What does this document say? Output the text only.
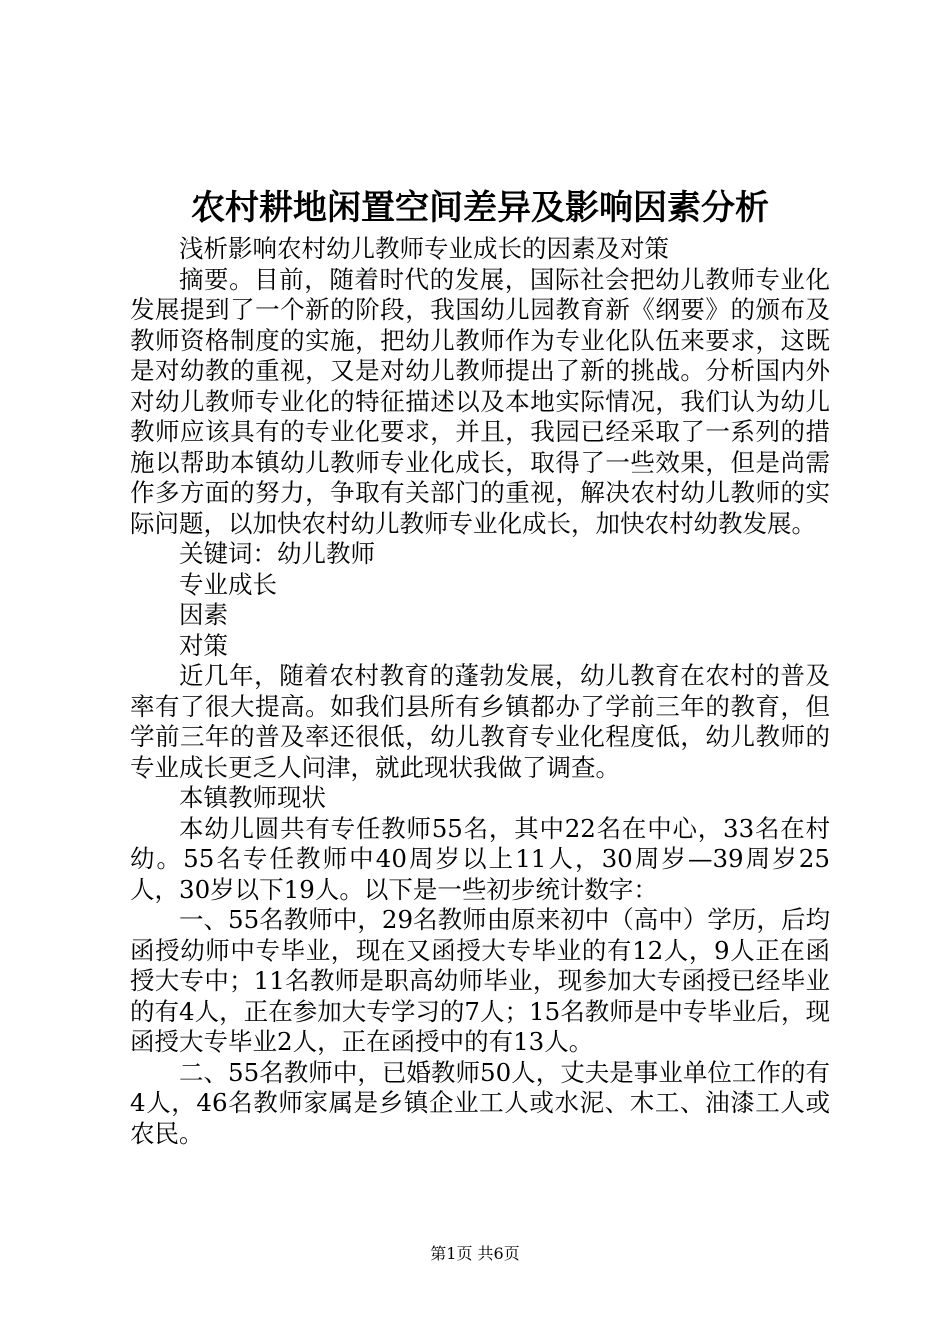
农村耕地闲置空间差异及影响因素分析

浅析影响农村幼儿教师专业成长的因素及对策

摘要。目前，随着时代的发展，国际社会把幼儿教师专业化发展提到了一个新的阶段，我国幼儿园教育新《纲要》的颁布及教师资格制度的实施，把幼儿教师作为专业化队伍来要求，这既是对幼教的重视，又是对幼儿教师提出了新的挑战。分析国内外对幼儿教师专业化的特征描述以及本地实际情况，我们认为幼儿教师应该具有的专业化要求，并且，我园已经采取了一系列的措施以帮助本镇幼儿教师专业化成长，取得了一些效果，但是尚需作多方面的努力，争取有关部门的重视，解决农村幼儿教师的实际问题，以加快农村幼儿教师专业化成长，加快农村幼教发展。

关键词：幼儿教师

专业成长

因素

对策

近几年，随着农村教育的蓬勃发展，幼儿教育在农村的普及率有了很大提高。如我们县所有乡镇都办了学前三年的教育，但学前三年的普及率还很低，幼儿教育专业化程度低，幼儿教师的专业成长更乏人问津，就此现状我做了调查。

本镇教师现状

本幼儿圆共有专任教师55名，其中22名在中心，33名在村幼。55名专任教师中40周岁以上11人，30周岁—39周岁25人，30岁以下19人。以下是一些初步统计数字：

一、55名教师中，29名教师由原来初中（高中）学历，后均函授幼师中专毕业，现在又函授大专毕业的有12人，9人正在函授大专中；11名教师是职高幼师毕业，现参加大专函授已经毕业的有4人，正在参加大专学习的7人；15名教师是中专毕业后，现函授大专毕业2人，正在函授中的有13人。

二、55名教师中，已婚教师50人，丈夫是事业单位工作的有4人，46名教师家属是乡镇企业工人或水泥、木工、油漆工人或农民。

第1页 共6页
